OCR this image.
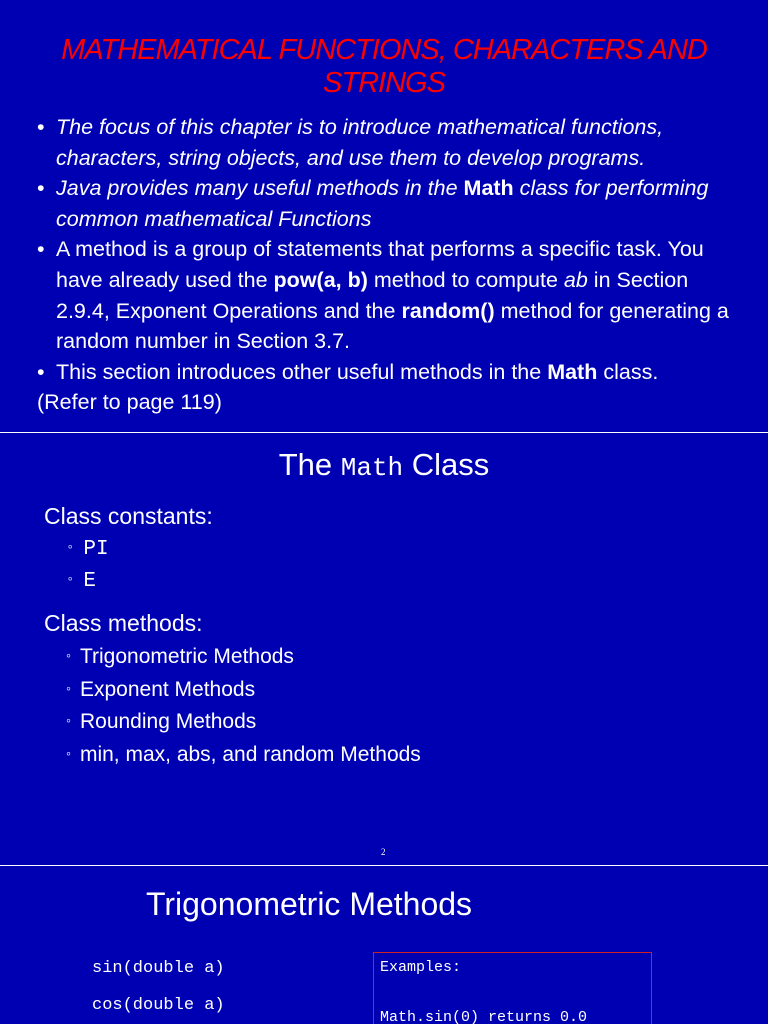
MATHEMATICAL FUNCTIONS, CHARACTERS AND
STRINGS
• The focus of this chapter is to introduce mathematical functions, characters, string objects, and use them to develop programs.
• Java provides many useful methods in the Math class for performing common mathematical Functions
• A method is a group of statements that performs a specific task. You have already used the pow(a, b) method to compute ab in Section 2.9.4, Exponent Operations and the random() method for generating a random number in Section 3.7.
• This section introduces other useful methods in the Math class.
(Refer to page 119)
The Math Class
Class constants:
◦ PI
◦ E
Class methods:
◦ Trigonometric Methods
◦ Exponent Methods
◦ Rounding Methods
◦ min, max, abs, and random Methods
2
Trigonometric Methods
sin(double a)
cos(double a)
Examples:
Math.sin(0) returns 0.0
